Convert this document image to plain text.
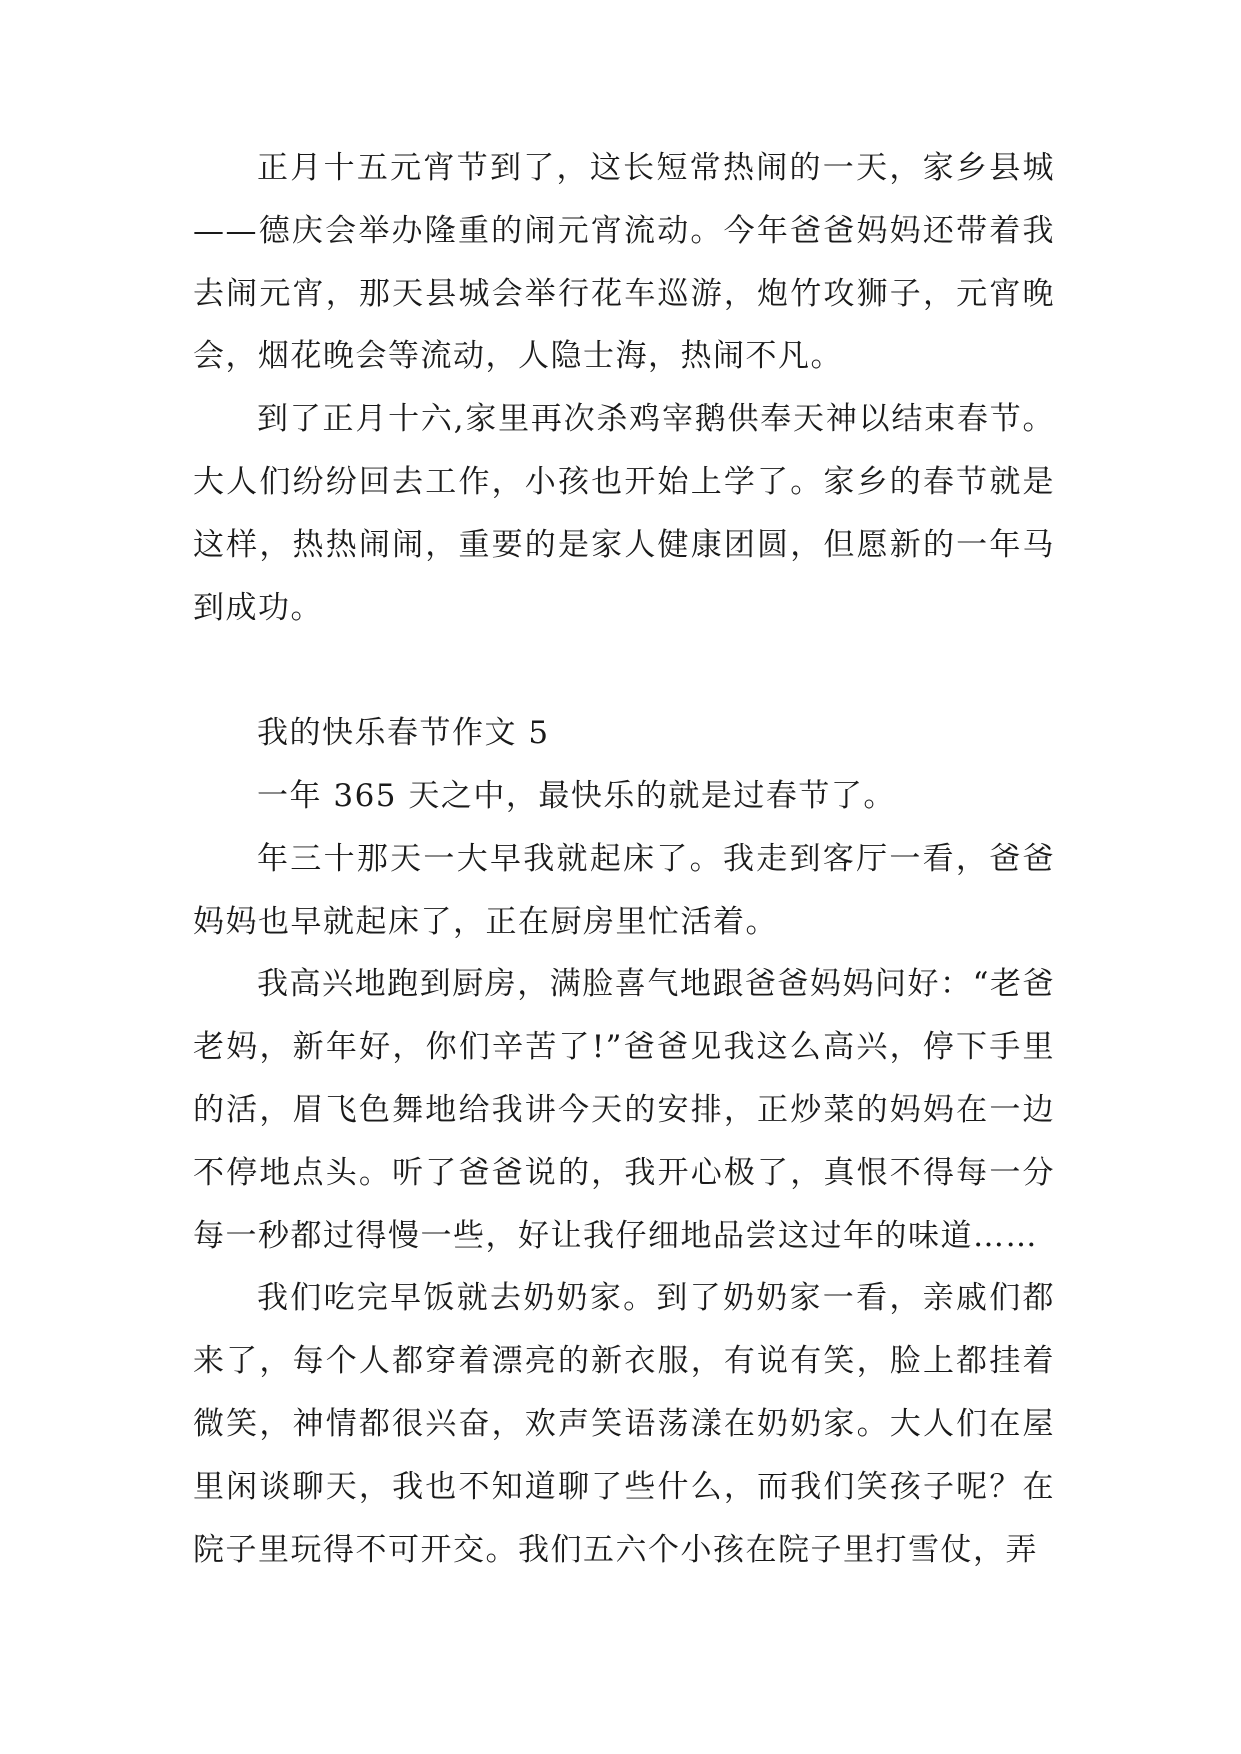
正月十五元宵节到了，这长短常热闹的一天，家乡县城——德庆会举办隆重的闹元宵流动。今年爸爸妈妈还带着我去闹元宵，那天县城会举行花车巡游，炮竹攻狮子，元宵晚会，烟花晚会等流动，人隐士海，热闹不凡。

到了正月十六,家里再次杀鸡宰鹅供奉天神以结束春节。大人们纷纷回去工作，小孩也开始上学了。家乡的春节就是这样，热热闹闹，重要的是家人健康团圆，但愿新的一年马到成功。

我的快乐春节作文 5

一年 365 天之中，最快乐的就是过春节了。

年三十那天一大早我就起床了。我走到客厅一看，爸爸妈妈也早就起床了，正在厨房里忙活着。

我高兴地跑到厨房，满脸喜气地跟爸爸妈妈问好：“老爸老妈，新年好，你们辛苦了!”爸爸见我这么高兴，停下手里的活，眉飞色舞地给我讲今天的安排，正炒菜的妈妈在一边不停地点头。听了爸爸说的，我开心极了，真恨不得每一分每一秒都过得慢一些，好让我仔细地品尝这过年的味道……

我们吃完早饭就去奶奶家。到了奶奶家一看，亲戚们都来了，每个人都穿着漂亮的新衣服，有说有笑，脸上都挂着微笑，神情都很兴奋，欢声笑语荡漾在奶奶家。大人们在屋里闲谈聊天，我也不知道聊了些什么，而我们笑孩子呢？在院子里玩得不可开交。我们五六个小孩在院子里打雪仗，弄
